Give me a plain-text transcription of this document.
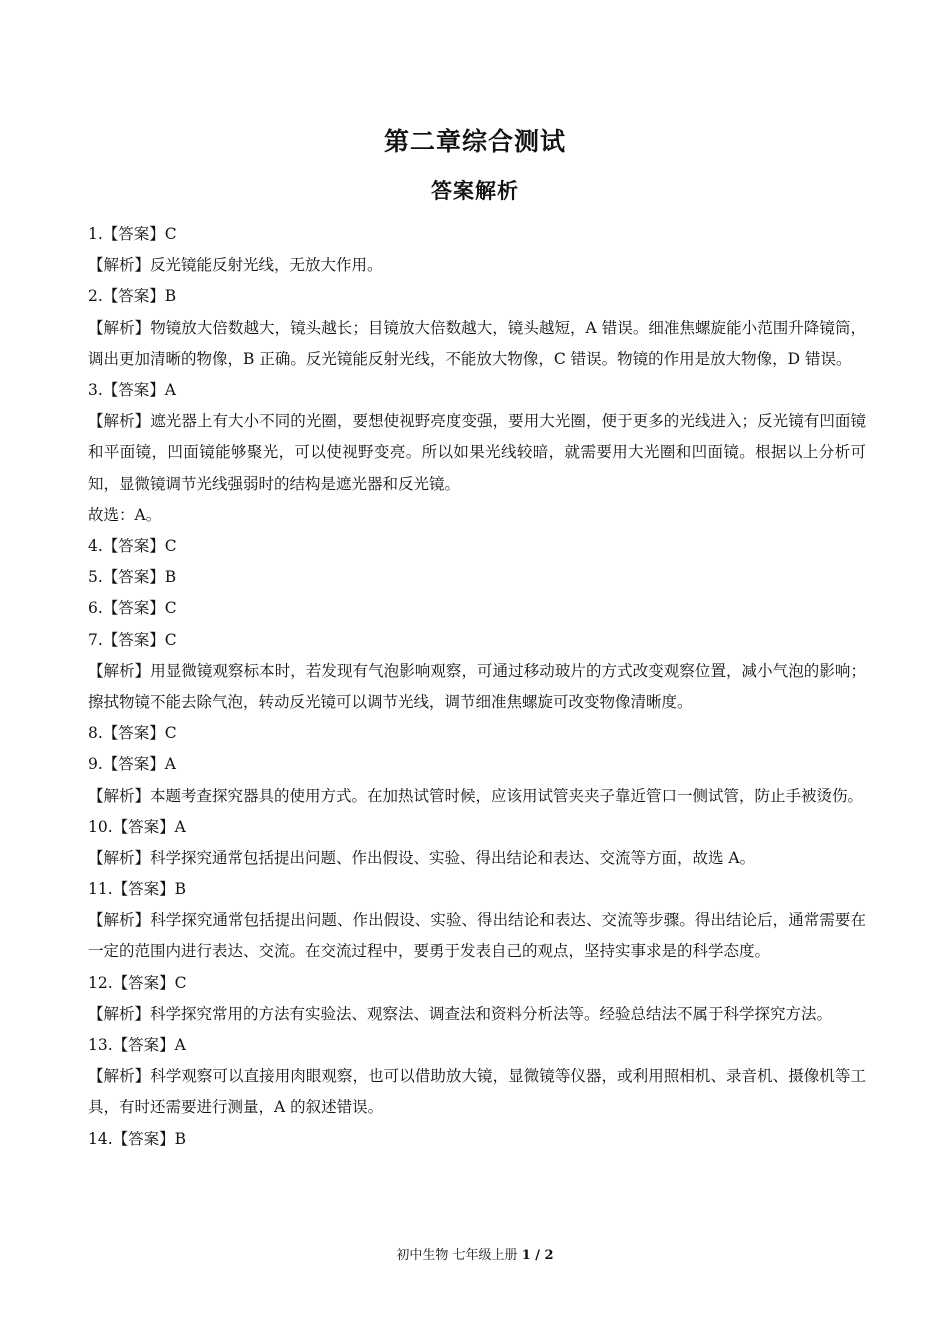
第二章综合测试
答案解析
1.【答案】C
【解析】反光镜能反射光线，无放大作用。
2.【答案】B
【解析】物镜放大倍数越大，镜头越长；目镜放大倍数越大，镜头越短，A 错误。细准焦螺旋能小范围升降镜筒，调出更加清晰的物像，B 正确。反光镜能反射光线，不能放大物像，C 错误。物镜的作用是放大物像，D 错误。
3.【答案】A
【解析】遮光器上有大小不同的光圈，要想使视野亮度变强，要用大光圈，便于更多的光线进入；反光镜有凹面镜和平面镜，凹面镜能够聚光，可以使视野变亮。所以如果光线较暗，就需要用大光圈和凹面镜。根据以上分析可知，显微镜调节光线强弱时的结构是遮光器和反光镜。
故选：A。
4.【答案】C
5.【答案】B
6.【答案】C
7.【答案】C
【解析】用显微镜观察标本时，若发现有气泡影响观察，可通过移动玻片的方式改变观察位置，减小气泡的影响；擦拭物镜不能去除气泡，转动反光镜可以调节光线，调节细准焦螺旋可改变物像清晰度。
8.【答案】C
9.【答案】A
【解析】本题考查探究器具的使用方式。在加热试管时候，应该用试管夹夹子靠近管口一侧试管，防止手被烫伤。
10.【答案】A
【解析】科学探究通常包括提出问题、作出假设、实验、得出结论和表达、交流等方面，故选 A。
11.【答案】B
【解析】科学探究通常包括提出问题、作出假设、实验、得出结论和表达、交流等步骤。得出结论后，通常需要在一定的范围内进行表达、交流。在交流过程中，要勇于发表自己的观点，坚持实事求是的科学态度。
12.【答案】C
【解析】科学探究常用的方法有实验法、观察法、调查法和资料分析法等。经验总结法不属于科学探究方法。
13.【答案】A
【解析】科学观察可以直接用肉眼观察，也可以借助放大镜，显微镜等仪器，或利用照相机、录音机、摄像机等工具，有时还需要进行测量，A 的叙述错误。
14.【答案】B
初中生物 七年级上册 1 / 2
